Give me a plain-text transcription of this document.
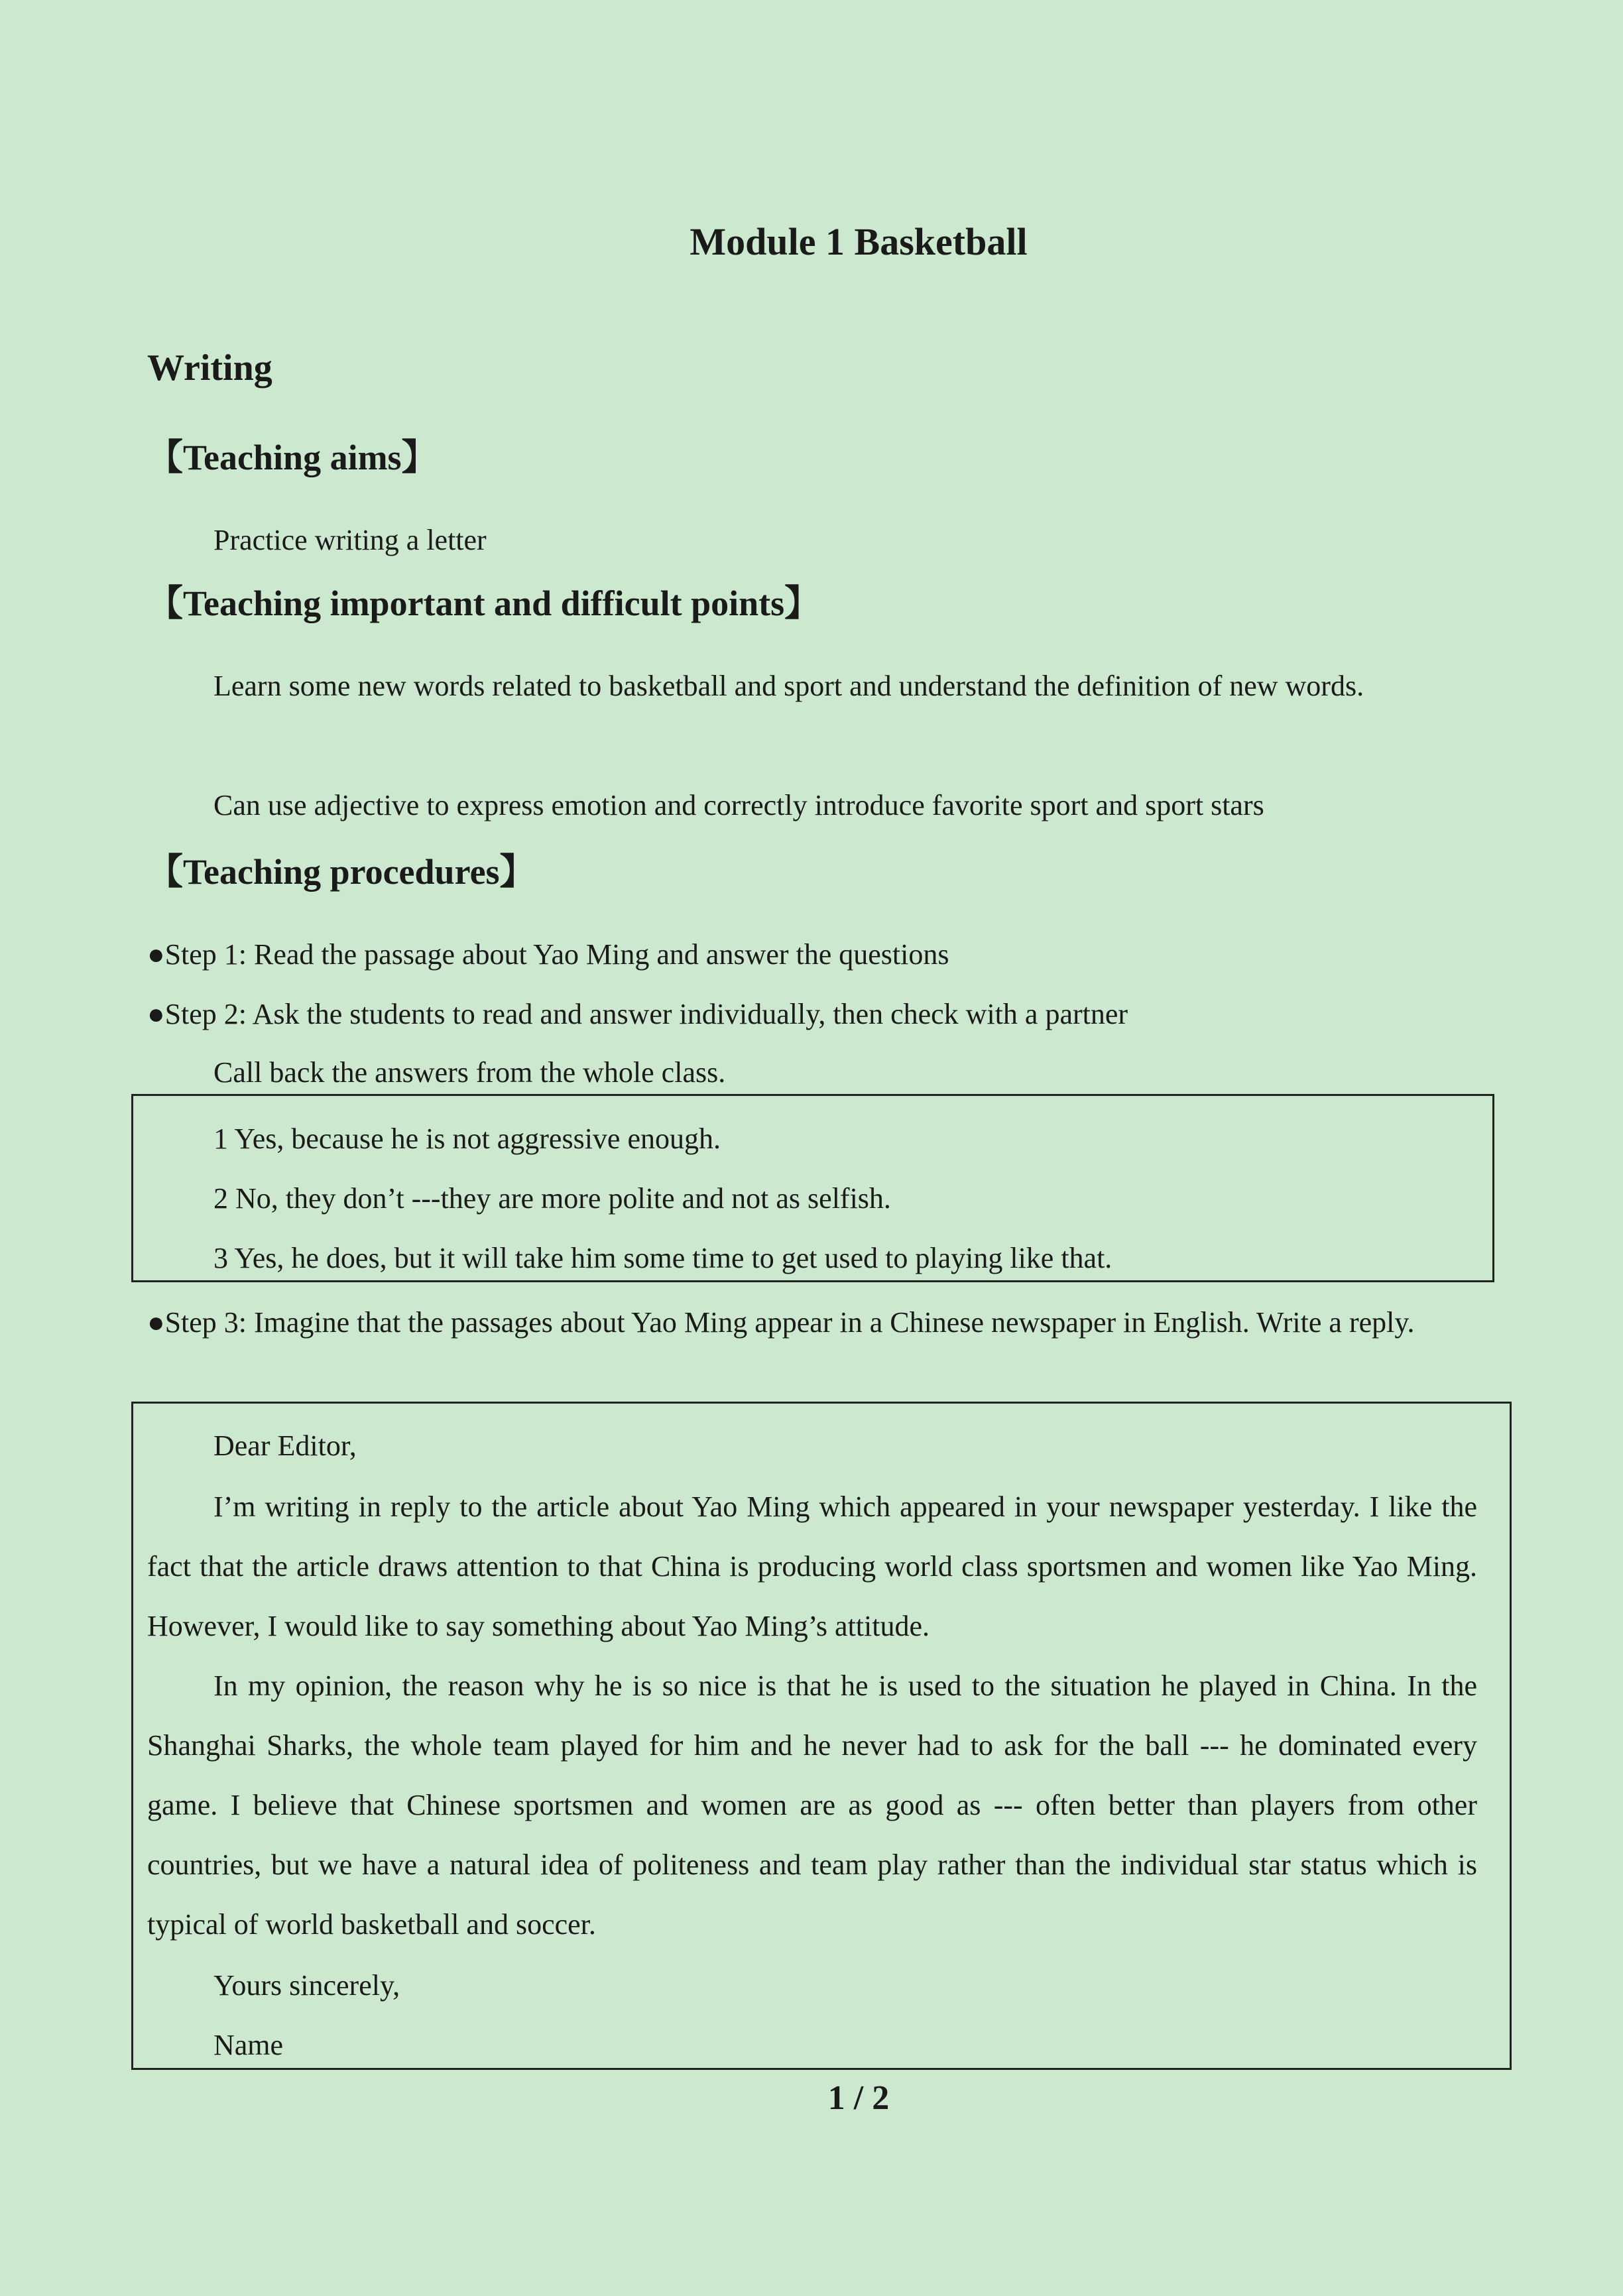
Module 1 Basketball
Writing
【Teaching aims】

Practice writing a letter

【Teaching important and difficult points】

Learn some new words related to basketball and sport and understand the definition of new words.

Can use adjective to express emotion and correctly introduce favorite sport and sport stars

【Teaching procedures】

●Step 1: Read the passage about Yao Ming and answer the questions

●Step 2: Ask the students to read and answer individually, then check with a partner

Call back the answers from the whole class.

1 Yes, because he is not aggressive enough.

2 No, they don’t ---they are more polite and not as selfish.

3 Yes, he does, but it will take him some time to get used to playing like that.

●Step 3: Imagine that the passages about Yao Ming appear in a Chinese newspaper in English. Write a reply.

Dear Editor,

I’m writing in reply to the article about Yao Ming which appeared in your newspaper yesterday. I like the fact that the article draws attention to that China is producing world class sportsmen and women like Yao Ming. However, I would like to say something about Yao Ming’s attitude.

In my opinion, the reason why he is so nice is that he is used to the situation he played in China. In the Shanghai Sharks, the whole team played for him and he never had to ask for the ball --- he dominated every game. I believe that Chinese sportsmen and women are as good as --- often better than players from other countries, but we have a natural idea of politeness and team play rather than the individual star status which is typical of world basketball and soccer.

Yours sincerely,

Name

1 / 2
